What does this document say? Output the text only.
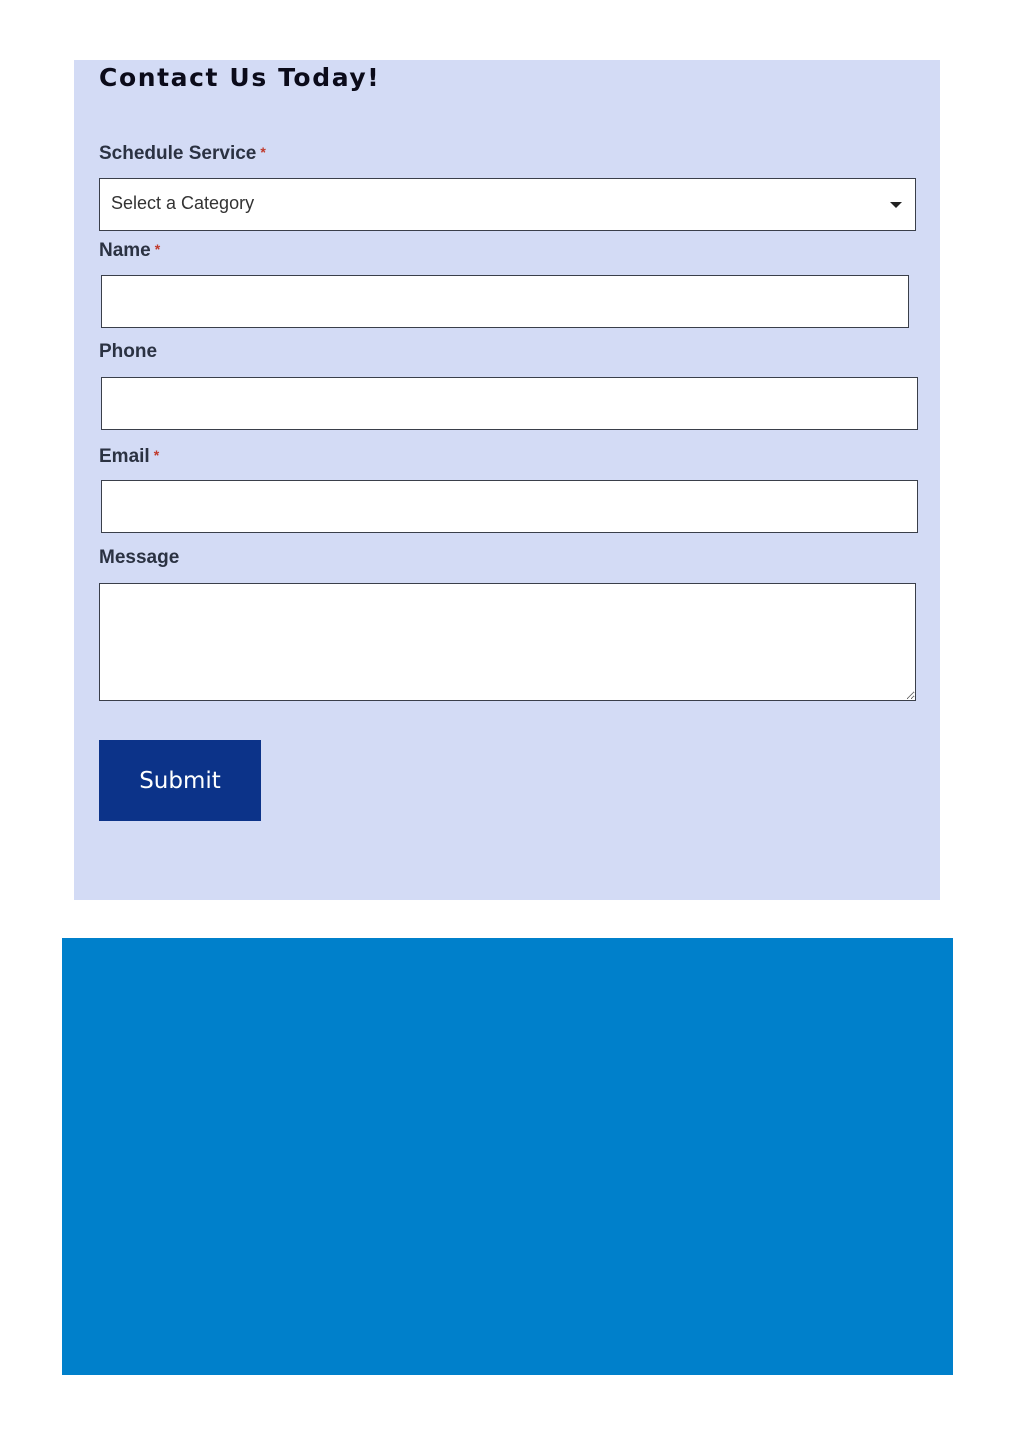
Contact Us Today!
Schedule Service *
Select a Category
Name *
Phone
Email *
Message
Submit
